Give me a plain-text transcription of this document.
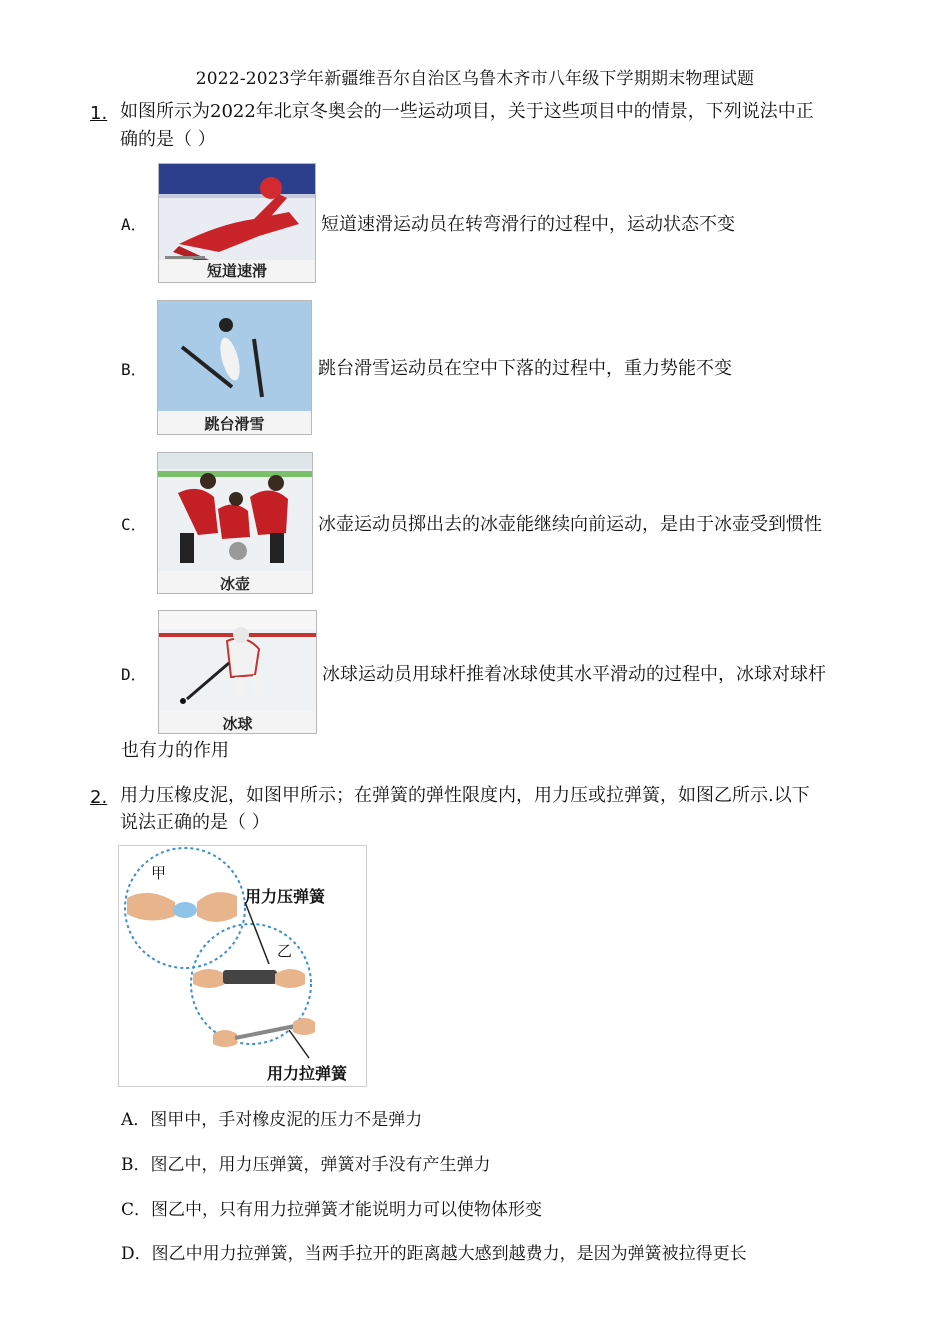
2022-2023学年新疆维吾尔自治区乌鲁木齐市八年级下学期期末物理试题
1. 如图所示为2022年北京冬奥会的一些运动项目，关于这些项目中的情景，下列说法中正
确的是（ ）
A．
短道速滑
短道速滑运动员在转弯滑行的过程中，运动状态不变
B．
跳台滑雪
跳台滑雪运动员在空中下落的过程中，重力势能不变
C．
冰壶
冰壶运动员掷出去的冰壶能继续向前运动，是由于冰壶受到惯性
D．
冰球
冰球运动员用球杆推着冰球使其水平滑动的过程中，冰球对球杆
也有力的作用
2. 用力压橡皮泥，如图甲所示；在弹簧的弹性限度内，用力压或拉弹簧，如图乙所示.以下
说法正确的是（ ）
甲
乙
用力压弹簧
用力拉弹簧
A．图甲中，手对橡皮泥的压力不是弹力
B．图乙中，用力压弹簧，弹簧对手没有产生弹力
C．图乙中，只有用力拉弹簧才能说明力可以使物体形变
D．图乙中用力拉弹簧，当两手拉开的距离越大感到越费力，是因为弹簧被拉得更长
